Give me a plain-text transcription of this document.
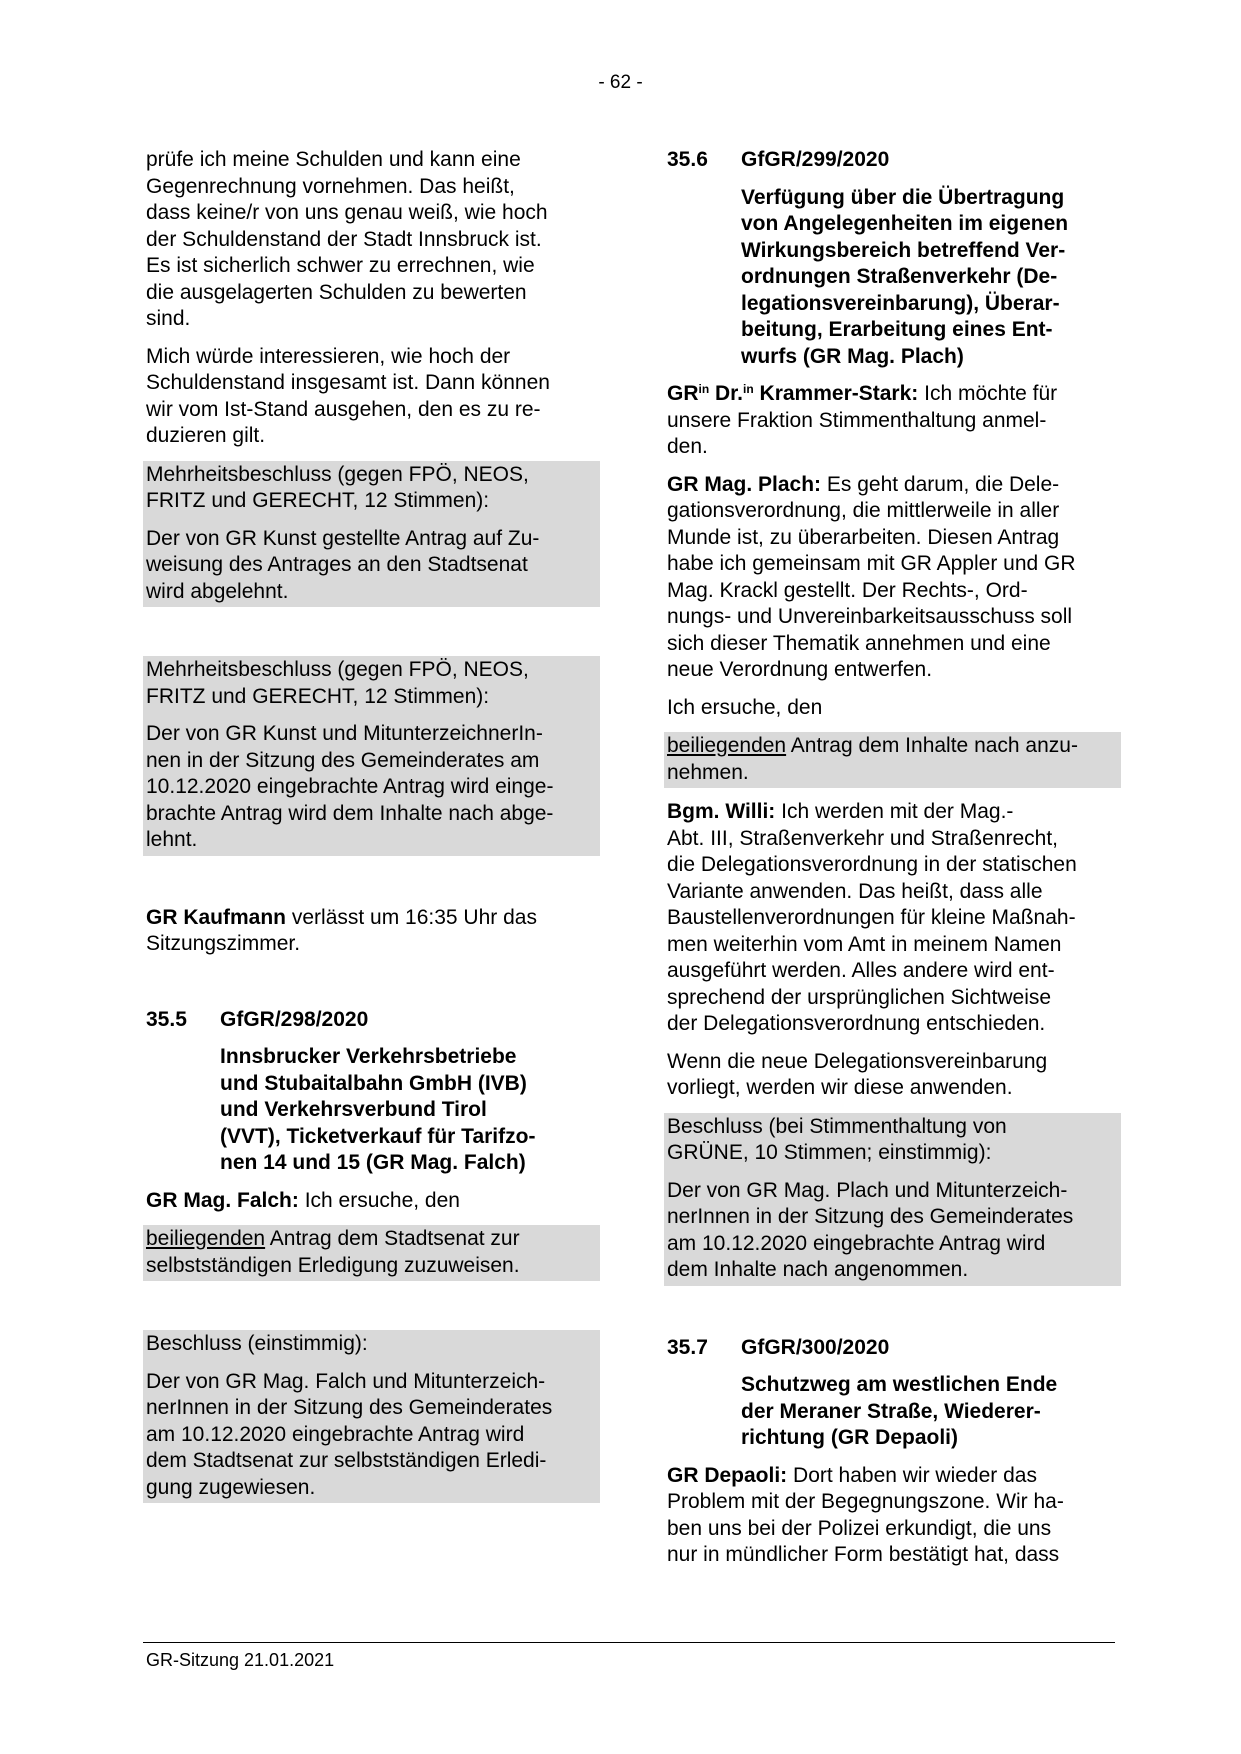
- 62 -
prüfe ich meine Schulden und kann eine
Gegenrechnung vornehmen. Das heißt,
dass keine/r von uns genau weiß, wie hoch
der Schuldenstand der Stadt Innsbruck ist.
Es ist sicherlich schwer zu errechnen, wie
die ausgelagerten Schulden zu bewerten
sind.
Mich würde interessieren, wie hoch der
Schuldenstand insgesamt ist. Dann können
wir vom Ist-Stand ausgehen, den es zu re-
duzieren gilt.
Mehrheitsbeschluss (gegen FPÖ, NEOS,
FRITZ und GERECHT, 12 Stimmen):
Der von GR Kunst gestellte Antrag auf Zu-
weisung des Antrages an den Stadtsenat
wird abgelehnt.
Mehrheitsbeschluss (gegen FPÖ, NEOS,
FRITZ und GERECHT, 12 Stimmen):
Der von GR Kunst und MitunterzeichnerIn-
nen in der Sitzung des Gemeinderates am
10.12.2020 eingebrachte Antrag wird einge-
brachte Antrag wird dem Inhalte nach abge-
lehnt.
GR Kaufmann verlässt um 16:35 Uhr das
Sitzungszimmer.
35.5 GfGR/298/2020
Innsbrucker Verkehrsbetriebe
und Stubaitalbahn GmbH (IVB)
und Verkehrsverbund Tirol
(VVT), Ticketverkauf für Tarifzo-
nen 14 und 15 (GR Mag. Falch)
GR Mag. Falch: Ich ersuche, den
beiliegenden Antrag dem Stadtsenat zur
selbstständigen Erledigung zuzuweisen.
Beschluss (einstimmig):
Der von GR Mag. Falch und Mitunterzeich-
nerInnen in der Sitzung des Gemeinderates
am 10.12.2020 eingebrachte Antrag wird
dem Stadtsenat zur selbstständigen Erledi-
gung zugewiesen.
35.6 GfGR/299/2020
Verfügung über die Übertragung
von Angelegenheiten im eigenen
Wirkungsbereich betreffend Ver-
ordnungen Straßenverkehr (De-
legationsvereinbarung), Überar-
beitung, Erarbeitung eines Ent-
wurfs (GR Mag. Plach)
$GR^{in}$ Dr.$^{in}$ Krammer-Stark: Ich möchte für
unsere Fraktion Stimmenthaltung anmel-
den.
GR Mag. Plach: Es geht darum, die Dele-
gationsverordnung, die mittlerweile in aller
Munde ist, zu überarbeiten. Diesen Antrag
habe ich gemeinsam mit GR Appler und GR
Mag. Krackl gestellt. Der Rechts-, Ord-
nungs- und Unvereinbarkeitsausschuss soll
sich dieser Thematik annehmen und eine
neue Verordnung entwerfen.
Ich ersuche, den
beiliegenden Antrag dem Inhalte nach anzu-
nehmen.
Bgm. Willi: Ich werden mit der Mag.-
Abt. III, Straßenverkehr und Straßenrecht,
die Delegationsverordnung in der statischen
Variante anwenden. Das heißt, dass alle
Baustellenverordnungen für kleine Maßnah-
men weiterhin vom Amt in meinem Namen
ausgeführt werden. Alles andere wird ent-
sprechend der ursprünglichen Sichtweise
der Delegationsverordnung entschieden.
Wenn die neue Delegationsvereinbarung
vorliegt, werden wir diese anwenden.
Beschluss (bei Stimmenthaltung von
GRÜNE, 10 Stimmen; einstimmig):
Der von GR Mag. Plach und Mitunterzeich-
nerInnen in der Sitzung des Gemeinderates
am 10.12.2020 eingebrachte Antrag wird
dem Inhalte nach angenommen.
35.7 GfGR/300/2020
Schutzweg am westlichen Ende
der Meraner Straße, Wiederer-
richtung (GR Depaoli)
GR Depaoli: Dort haben wir wieder das
Problem mit der Begegnungszone. Wir ha-
ben uns bei der Polizei erkundigt, die uns
nur in mündlicher Form bestätigt hat, dass
GR-Sitzung 21.01.2021
